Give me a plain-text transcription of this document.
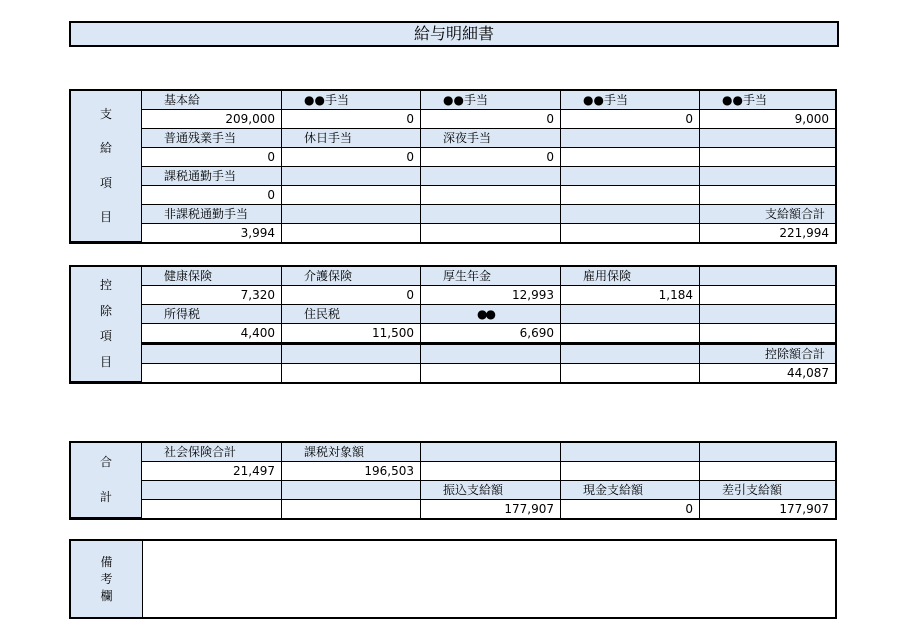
給与明細書
支
給
項
目
基本給	●●手当	●●手当	●●手当	●●手当
209,000	0	0	0	9,000
普通残業手当	休日手当	深夜手当
0	0	0
課税通勤手当
0
非課税通勤手当	支給額合計
3,994	221,994
控
除
項
目
健康保険	介護保険	厚生年金	雇用保険
7,320	0	12,993	1,184
所得税	住民税	●●
4,400	11,500	6,690
控除額合計
44,087
合
計
社会保険合計	課税対象額
21,497	196,503
振込支給額	現金支給額	差引支給額
177,907	0	177,907
備
考
欄
